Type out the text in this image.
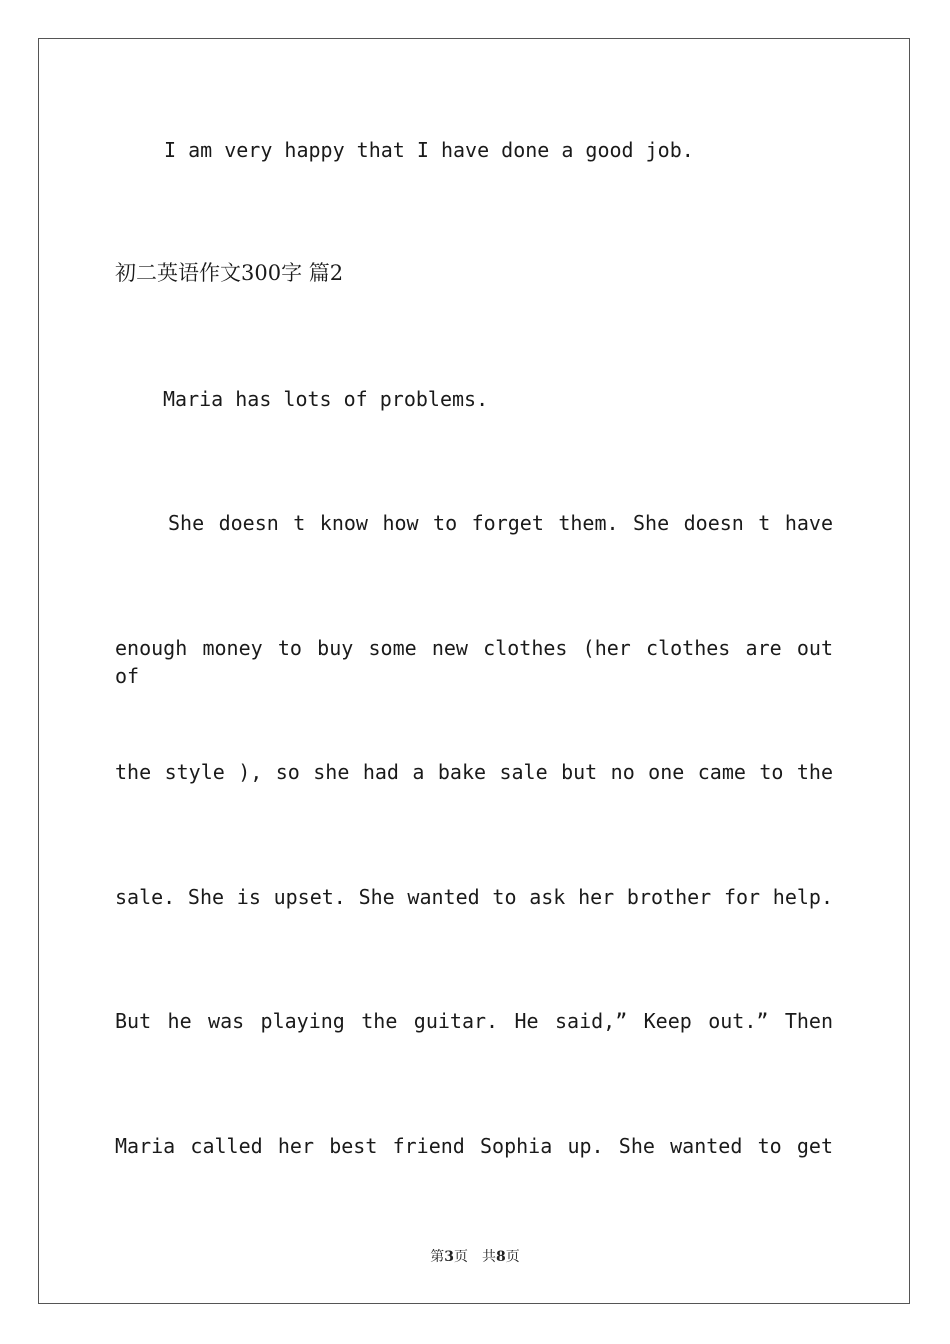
I am very happy that I have done a good job.
初二英语作文300字 篇2
Maria has lots of problems.
She doesn t know how to forget them. She doesn t have
enough money to buy some new clothes (her clothes are out of
the style ), so she had a bake sale but no one came to the
sale. She is upset. She wanted to ask her brother for help.
But he was playing the guitar. He said,” Keep out.” Then
Maria called her best friend Sophia up. She wanted to get
第3页 共8页
